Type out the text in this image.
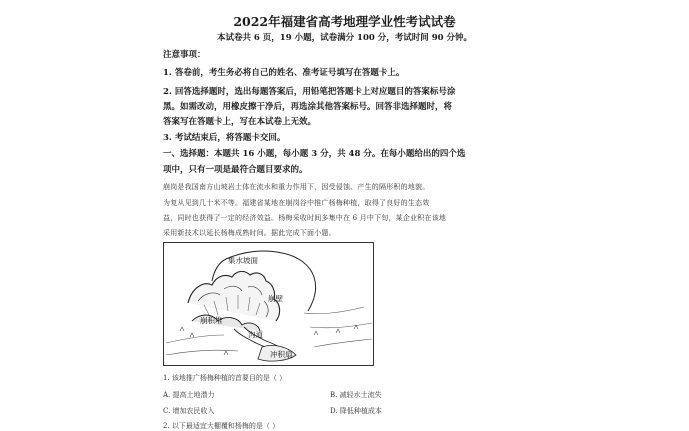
2022年福建省高考地理学业性考试试卷
本试卷共 6 页，19 小题，试卷满分 100 分，考试时间 90 分钟。
注意事项：
1. 答卷前，考生务必将自己的姓名、准考证号填写在答题卡上。
2. 回答选择题时，选出每题答案后，用铅笔把答题卡上对应题目的答案标号涂
黑。如需改动，用橡皮擦干净后，再选涂其他答案标号。回答非选择题时，将
答案写在答题卡上，写在本试卷上无效。
3. 考试结束后，将答题卡交回。
一、选择题：本题共 16 小题，每小题 3 分，共 48 分。在每小题给出的四个选
项中，只有一项是最符合题目要求的。
崩岗是我国南方山坡岩土体在流水和重力作用下，因受侵蚀、产生的隔形积的地貌。
为复从见到几十米不等。福建省某地在崩岗谷中推广杨梅种植，取得了良好的生态效
益，同时也获得了一定的经济效益。杨梅采收时间多集中在 6 月中下旬，某企业积在该地
采用新技术以延长杨梅成熟时间。据此完成下面小题。
集水坡面
崩壁
崩积堆
沟道
冲积扇
1. 该地推广杨梅种植的首要目的是（ ）
A. 提高土地潜力	B. 减轻水土流失
C. 增加农民收入	D. 降低种植成本
2. 以下最适宜大棚覆和杨梅的是（ ）
